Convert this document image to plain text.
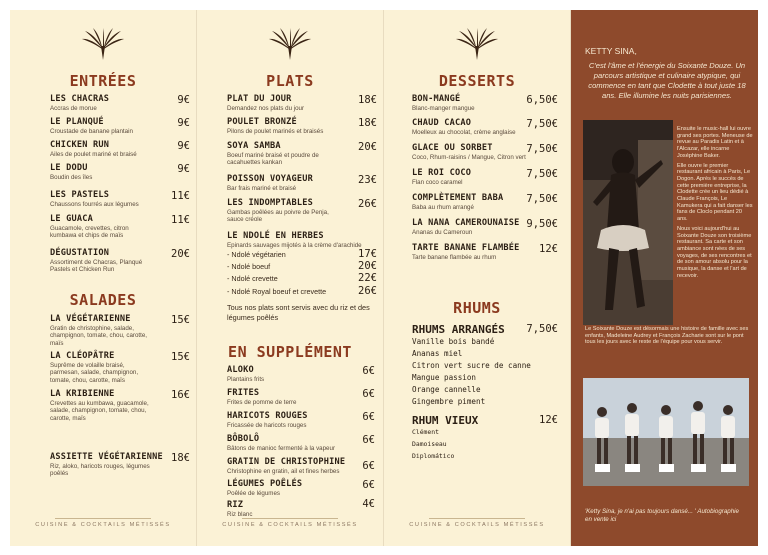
ENTRÉES
LES CHACRAS
Accras de morue
9€
LE PLANQUÉ
Croustade de banane plantain
9€
CHICKEN RUN
Ailes de poulet mariné et braisé
9€
LE DODU
Boudin des îles
9€
LES PASTELS
Chaussons fourrés aux légumes
11€
LE GUACA
Guacamole, crevettes, citron kumbawa et chips de maïs
11€
DÉGUSTATION
Assortiment de Chacras, Planqué Pastels et Chicken Run
20€
SALADES
LA VÉGÉTARIENNE
Gratin de christophine, salade, champignon, tomate, chou, carotte, maïs
15€
LA CLÉOPÂTRE
Suprême de volaille braisé, parmesan, salade, champignon, tomate, chou, carotte, maïs
15€
LA KRIBIENNE
Crevettes au kumbawa, guacamole, salade, champignon, tomate, chou, carotte, maïs
16€
ASSIETTE VÉGÉTARIENNE
Riz, aloko, haricots rouges, légumes poêlés
18€
CUISINE & COCKTAILS MÉTISSÉS
PLATS
PLAT DU JOUR
Demandez nos plats du jour
18€
POULET BRONZÉ
Pilons de poulet marinés et braisés
18€
SOYA SAMBA
Boeuf mariné braisé et poudre de cacahuettes kankan
20€
POISSON VOYAGEUR
Bar frais mariné et braisé
23€
LES INDOMPTABLES
Gambas poêlées au poivre de Penja, sauce créole
26€
LE NDOLÉ EN HERBES
Epinards sauvages mijotés à la crème d'arachide
- Ndolé végétarien	17€
- Ndolé boeuf	20€
- Ndolé crevette	22€
- Ndolé Royal boeuf et crevette	26€
Tous nos plats sont servis avec du riz et des légumes poêlés
EN SUPPLÉMENT
ALOKO
Plantains frits
6€
FRITES
Frites de pomme de terre
6€
HARICOTS ROUGES
Fricassée de haricots rouges
6€
BÔBOLÔ
Bâtons de manioc fermenté à la vapeur
6€
GRATIN DE CHRISTOPHINE
Christophine en gratin, ail et fines herbes	6€
LÉGUMES POÊLÉS
Poêlée de légumes
6€
RIZ
Riz blanc
4€
CUISINE & COCKTAILS MÉTISSÉS
DESSERTS
BON-MANGÉ
Blanc-manger mangue
6,50€
CHAUD CACAO
Moelleux au chocolat, crème anglaise
7,50€
GLACE OU SORBET
Coco, Rhum-raisins / Mangue, Citron vert
7,50€
LE ROI COCO
Flan coco caramel
7,50€
COMPLÈTEMENT BABA
Baba au rhum arrangé
7,50€
LA NANA CAMEROUNAISE
Ananas du Cameroun
9,50€
TARTE BANANE FLAMBÉE
Tarte banane flambée au rhum
12€
RHUMS
RHUMS ARRANGÉS 7,50€
Vanille bois bandé
Ananas miel
Citron vert sucre de canne
Mangue passion
Orange cannelle
Gingembre piment
RHUM VIEUX	12€
Clément
Damoiseau
Diplomático
CUISINE & COCKTAILS MÉTISSÉS
KETTY SINA,
C'est l'âme et l'énergie du Soixante Douze. Un parcours artistique et culinaire atypique, qui commence en tant que Clodette à tout juste 18 ans. Elle illumine les nuits parisiennes.

Ensuite le music-hall lui ouvre grand ses portes. Meneuse de revue au Paradis Latin et à l'Alcazar, elle incarne Joséphine Baker.

Elle ouvre le premier restaurant africain à Paris, Le Dogon. Après le succès de cette première entreprise, la Clodette crée un lieu dédié à Claude François, Le Kamukera qui a fait danser les fans de Cloclo pendant 20 ans.

Nous voici aujourd'hui au Soixante Douze son troisième restaurant. Sa carte et son ambiance sont nées de ses voyages, de ses rencontres et de son amour absolu pour la musique, la danse et l'art de recevoir.

Le Soixante Douze est désormais une histoire de famille avec ses enfants, Madeleine Audrey et François Zacharie sont sur le pont tous les jours avec le reste de l'équipe pour vous servir.
'Ketty Sina, je n'ai pas toujours dansé... ' Autobiographie en vente ici
